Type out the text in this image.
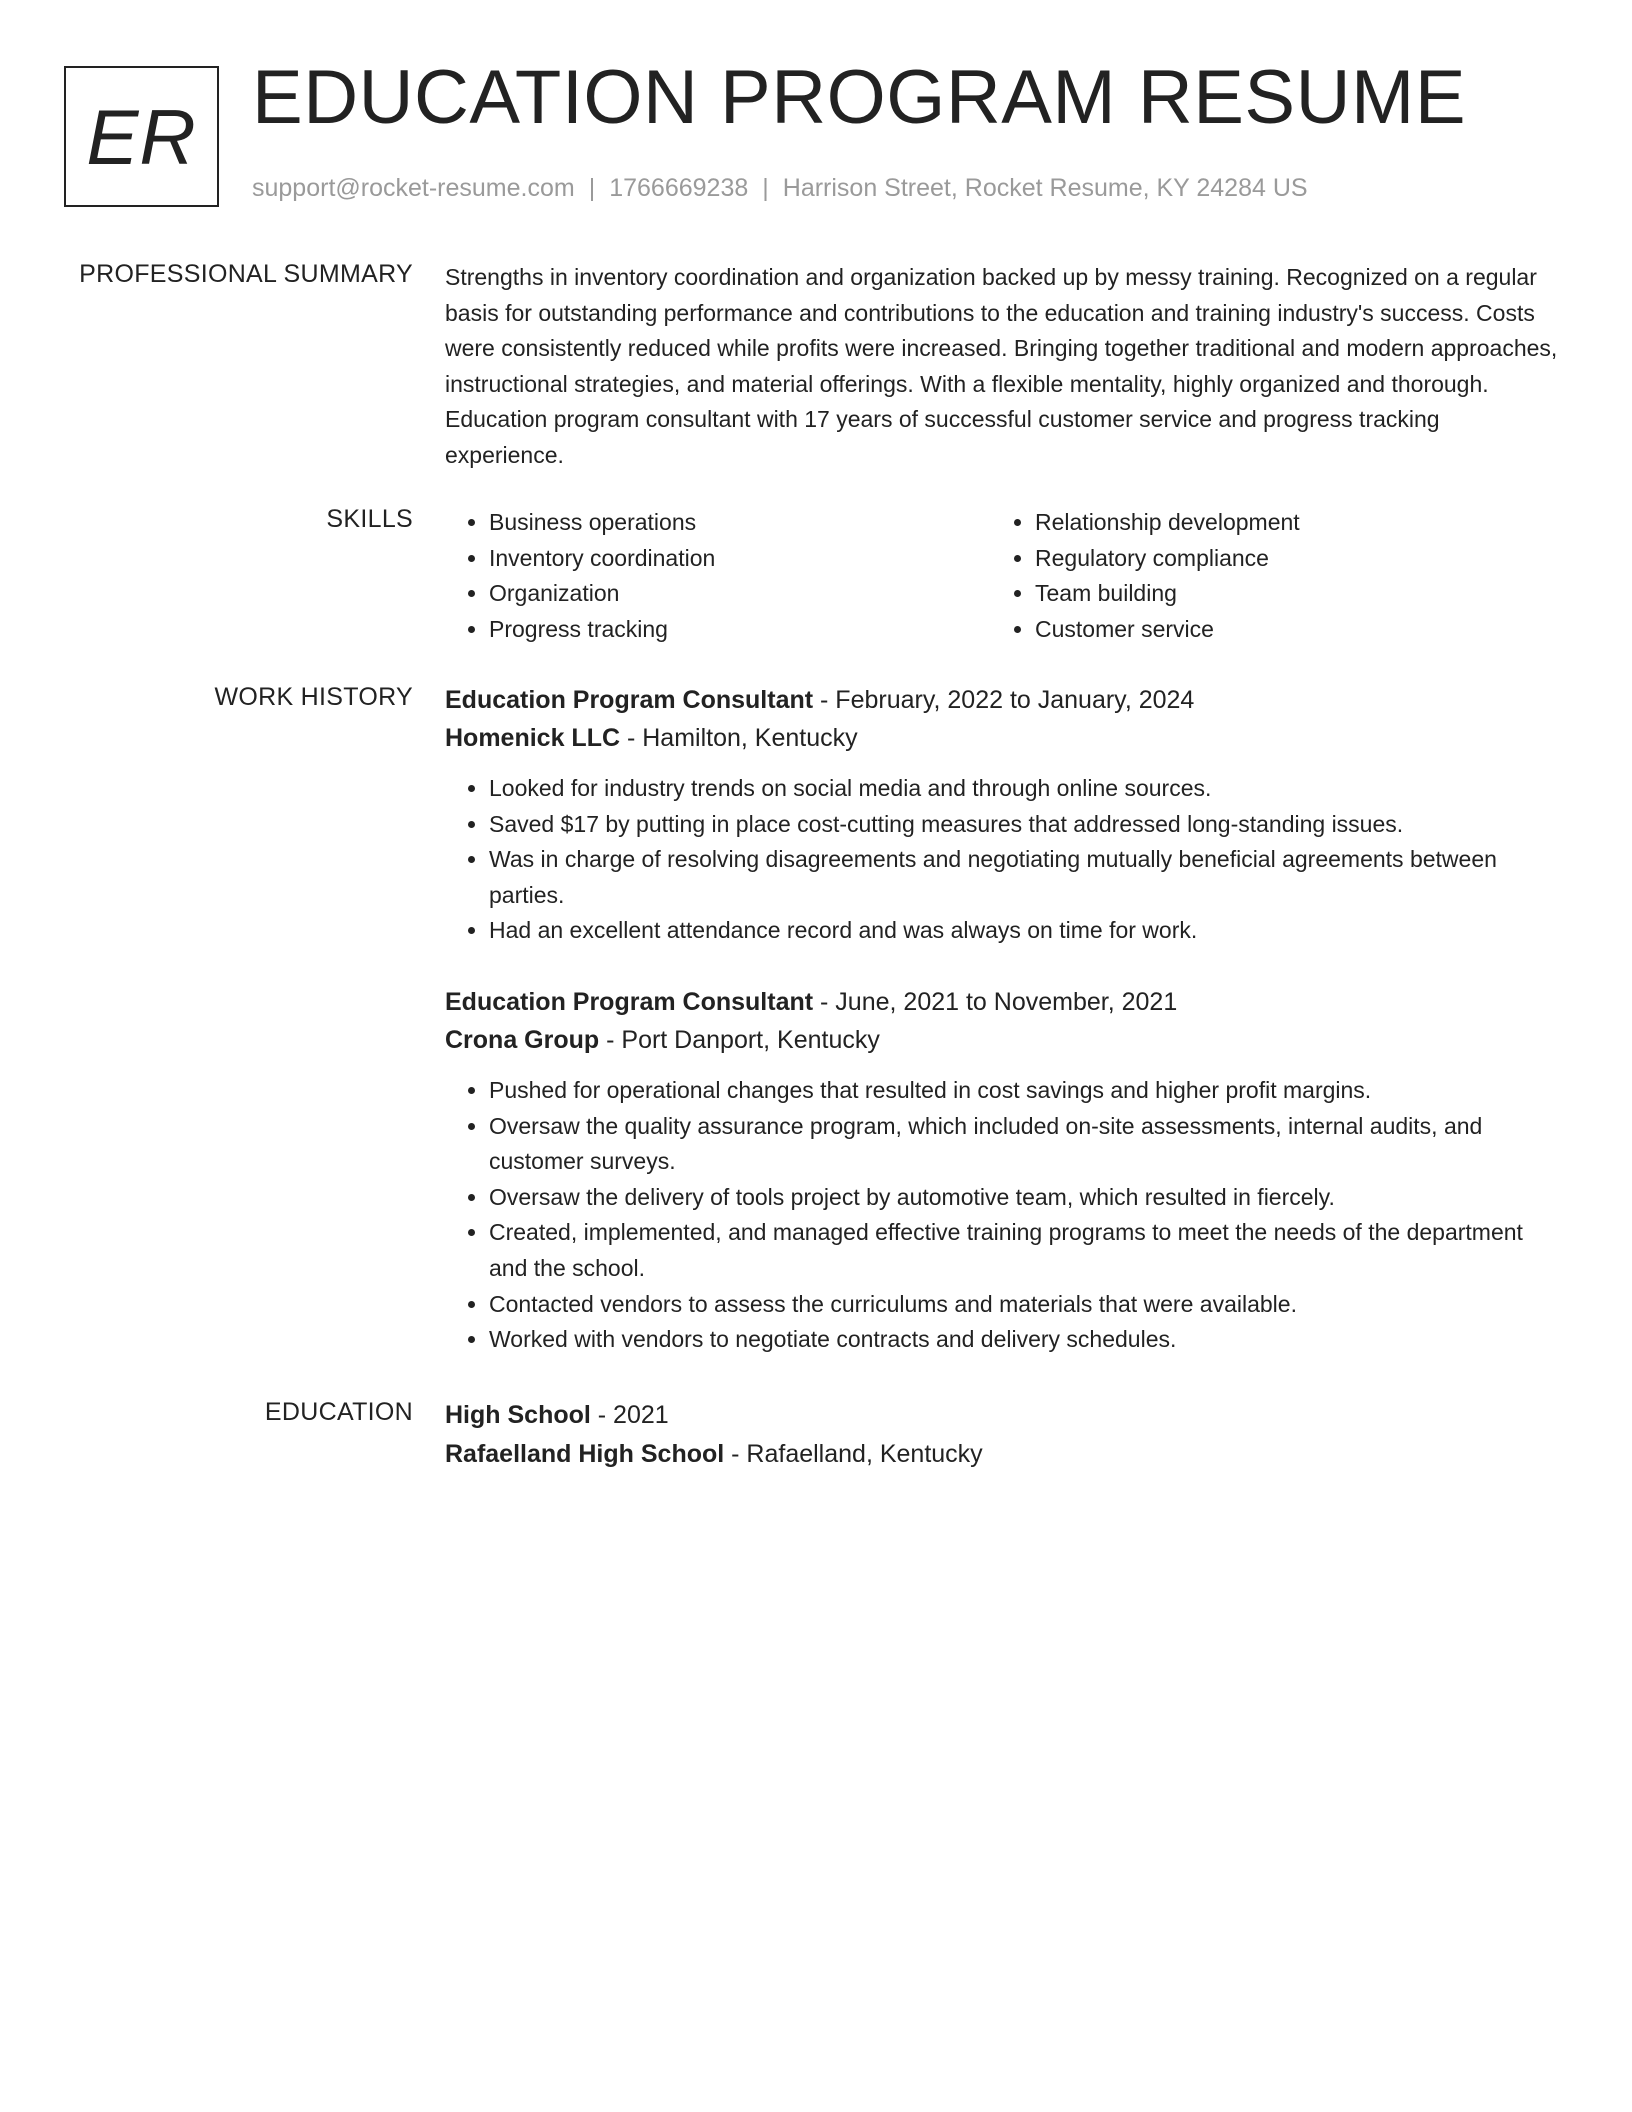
ER EDUCATION PROGRAM RESUME
support@rocket-resume.com | 1766669238 | Harrison Street, Rocket Resume, KY 24284 US
PROFESSIONAL SUMMARY Strengths in inventory coordination and organization backed up by messy training. Recognized on a regular basis for outstanding performance and contributions to the education and training industry's success. Costs were consistently reduced while profits were increased. Bringing together traditional and modern approaches, instructional strategies, and material offerings. With a flexible mentality, highly organized and thorough. Education program consultant with 17 years of successful customer service and progress tracking experience.

SKILLS
•	Business operations
• Inventory coordination
• Organization
• Progress tracking
• Relationship development
• Regulatory compliance
• Team building
• Customer service
WORK HISTORY Education Program Consultant - February, 2022 to January, 2024
Homenick LLC - Hamilton, Kentucky
• Looked for industry trends on social media and through online sources.
• Saved $17 by putting in place cost-cutting measures that addressed long-standing issues.
• Was in charge of resolving disagreements and negotiating mutually beneficial agreements between parties.
• Had an excellent attendance record and was always on time for work.
Education Program Consultant - June, 2021 to November, 2021
Crona Group - Port Danport, Kentucky
• Pushed for operational changes that resulted in cost savings and higher profit margins.
• Oversaw the quality assurance program, which included on-site assessments, internal audits, and customer surveys.
• Oversaw the delivery of tools project by automotive team, which resulted in fiercely.
• Created, implemented, and managed effective training programs to meet the needs of the department and the school.
• Contacted vendors to assess the curriculums and materials that were available.
• Worked with vendors to negotiate contracts and delivery schedules.
EDUCATION High School - 2021
Rafaelland High School - Rafaelland, Kentucky
